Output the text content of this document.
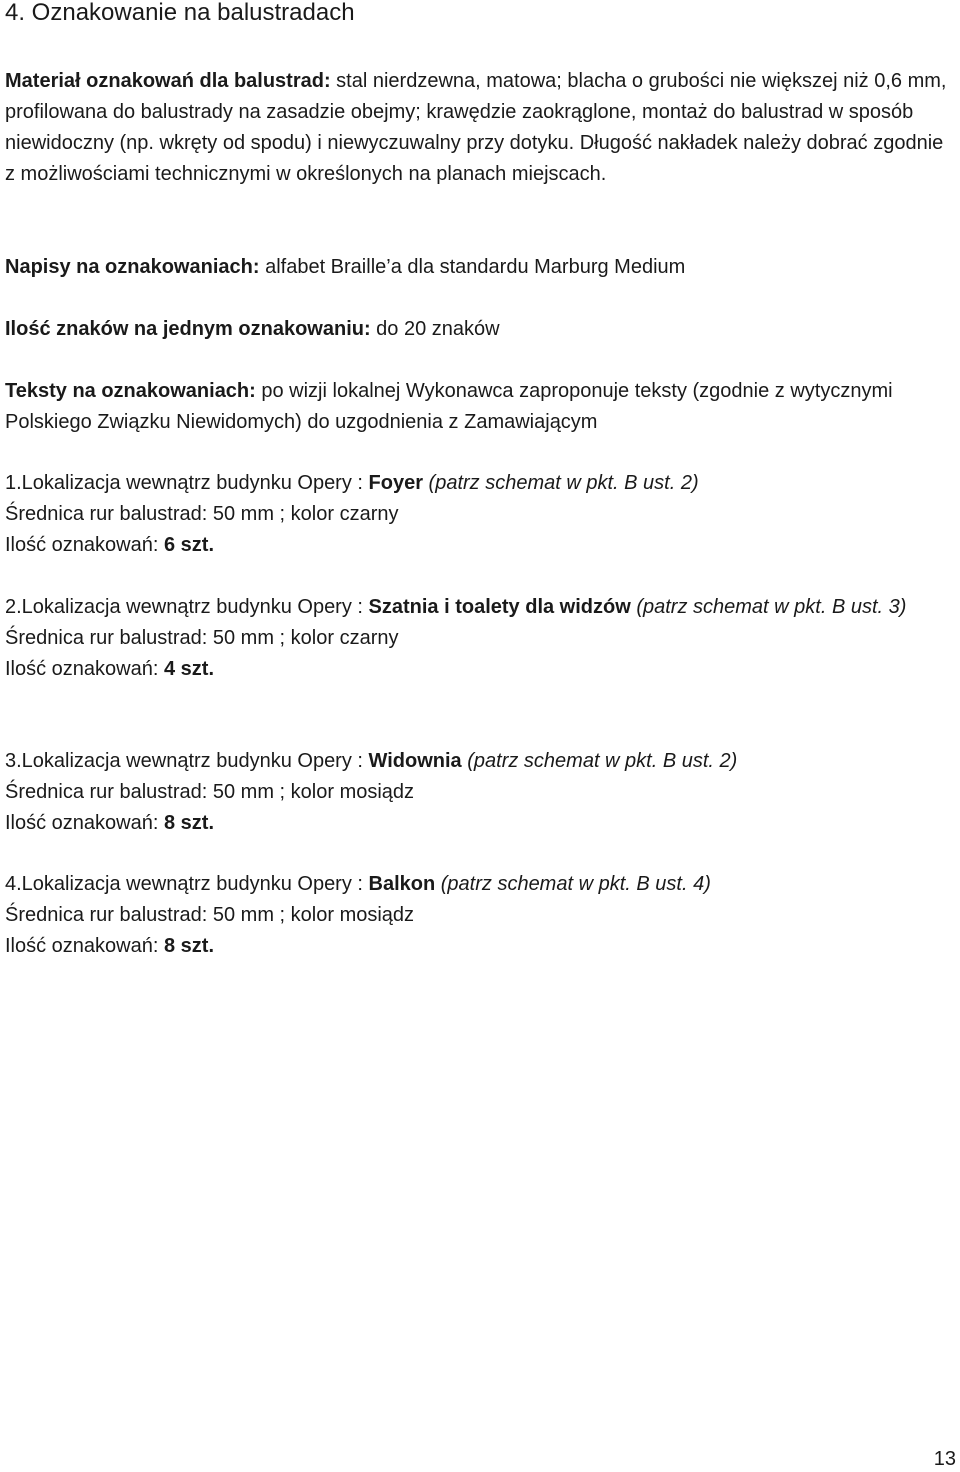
4. Oznakowanie na balustradach

Materiał oznakowań dla balustrad: stal nierdzewna, matowa; blacha o grubości nie większej niż 0,6 mm, profilowana do balustrady na zasadzie obejmy; krawędzie zaokrąglone, montaż do balustrad w sposób niewidoczny (np. wkręty od spodu) i niewyczuwalny przy dotyku. Długość nakładek należy dobrać zgodnie z możliwościami technicznymi w określonych na planach miejscach.

Napisy na oznakowaniach: alfabet Braille’a dla standardu Marburg Medium

Ilość znaków na jednym oznakowaniu: do 20 znaków

Teksty na oznakowaniach: po wizji lokalnej Wykonawca zaproponuje teksty (zgodnie z wytycznymi Polskiego Związku Niewidomych) do uzgodnienia z Zamawiającym

1.Lokalizacja wewnątrz budynku Opery : Foyer (patrz schemat w pkt. B ust. 2)
Średnica rur balustrad: 50 mm ; kolor czarny
Ilość oznakowań: 6 szt.
2.Lokalizacja wewnątrz budynku Opery : Szatnia i toalety dla widzów (patrz schemat w pkt. B ust. 3)
Średnica rur balustrad: 50 mm ; kolor czarny
Ilość oznakowań: 4 szt.
3.Lokalizacja wewnątrz budynku Opery : Widownia (patrz schemat w pkt. B ust. 2)
Średnica rur balustrad: 50 mm ; kolor mosiądz
Ilość oznakowań: 8 szt.
4.Lokalizacja wewnątrz budynku Opery : Balkon (patrz schemat w pkt. B ust. 4)
Średnica rur balustrad: 50 mm ; kolor mosiądz
Ilość oznakowań: 8 szt.
13
